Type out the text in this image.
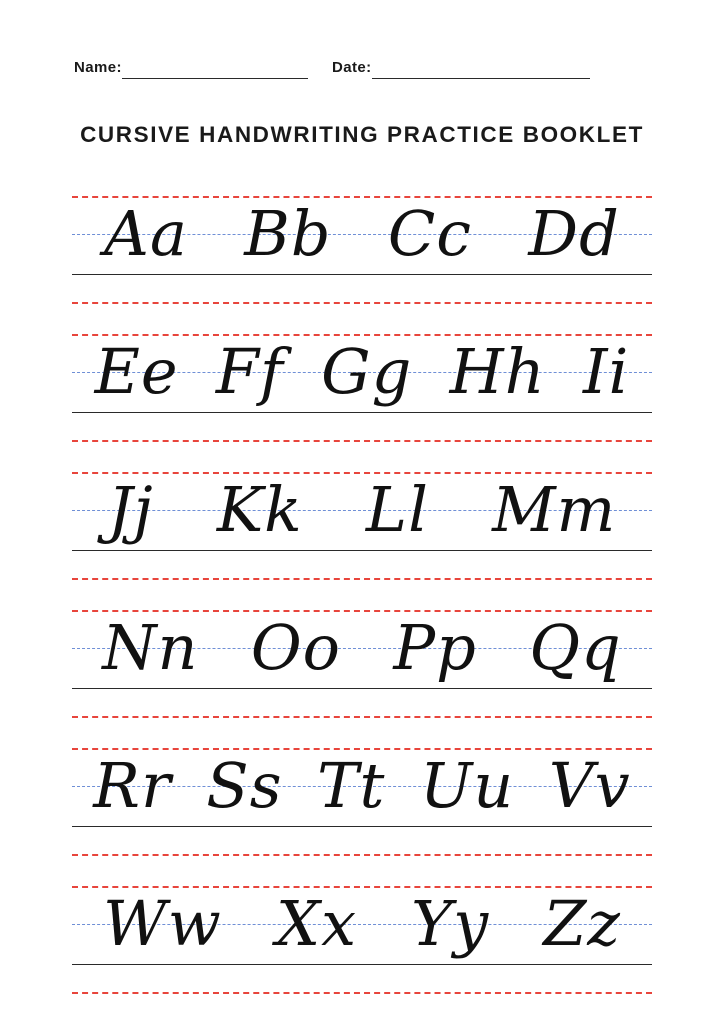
Name:	Date:
CURSIVE HANDWRITING PRACTICE BOOKLET
Aa Bb Cc Dd
Ee Ff Gg Hh Ii
Jj Kk Ll Mm
Nn Oo Pp Qq
Rr Ss Tt Uu Vv
Ww Xx Yy Zz
